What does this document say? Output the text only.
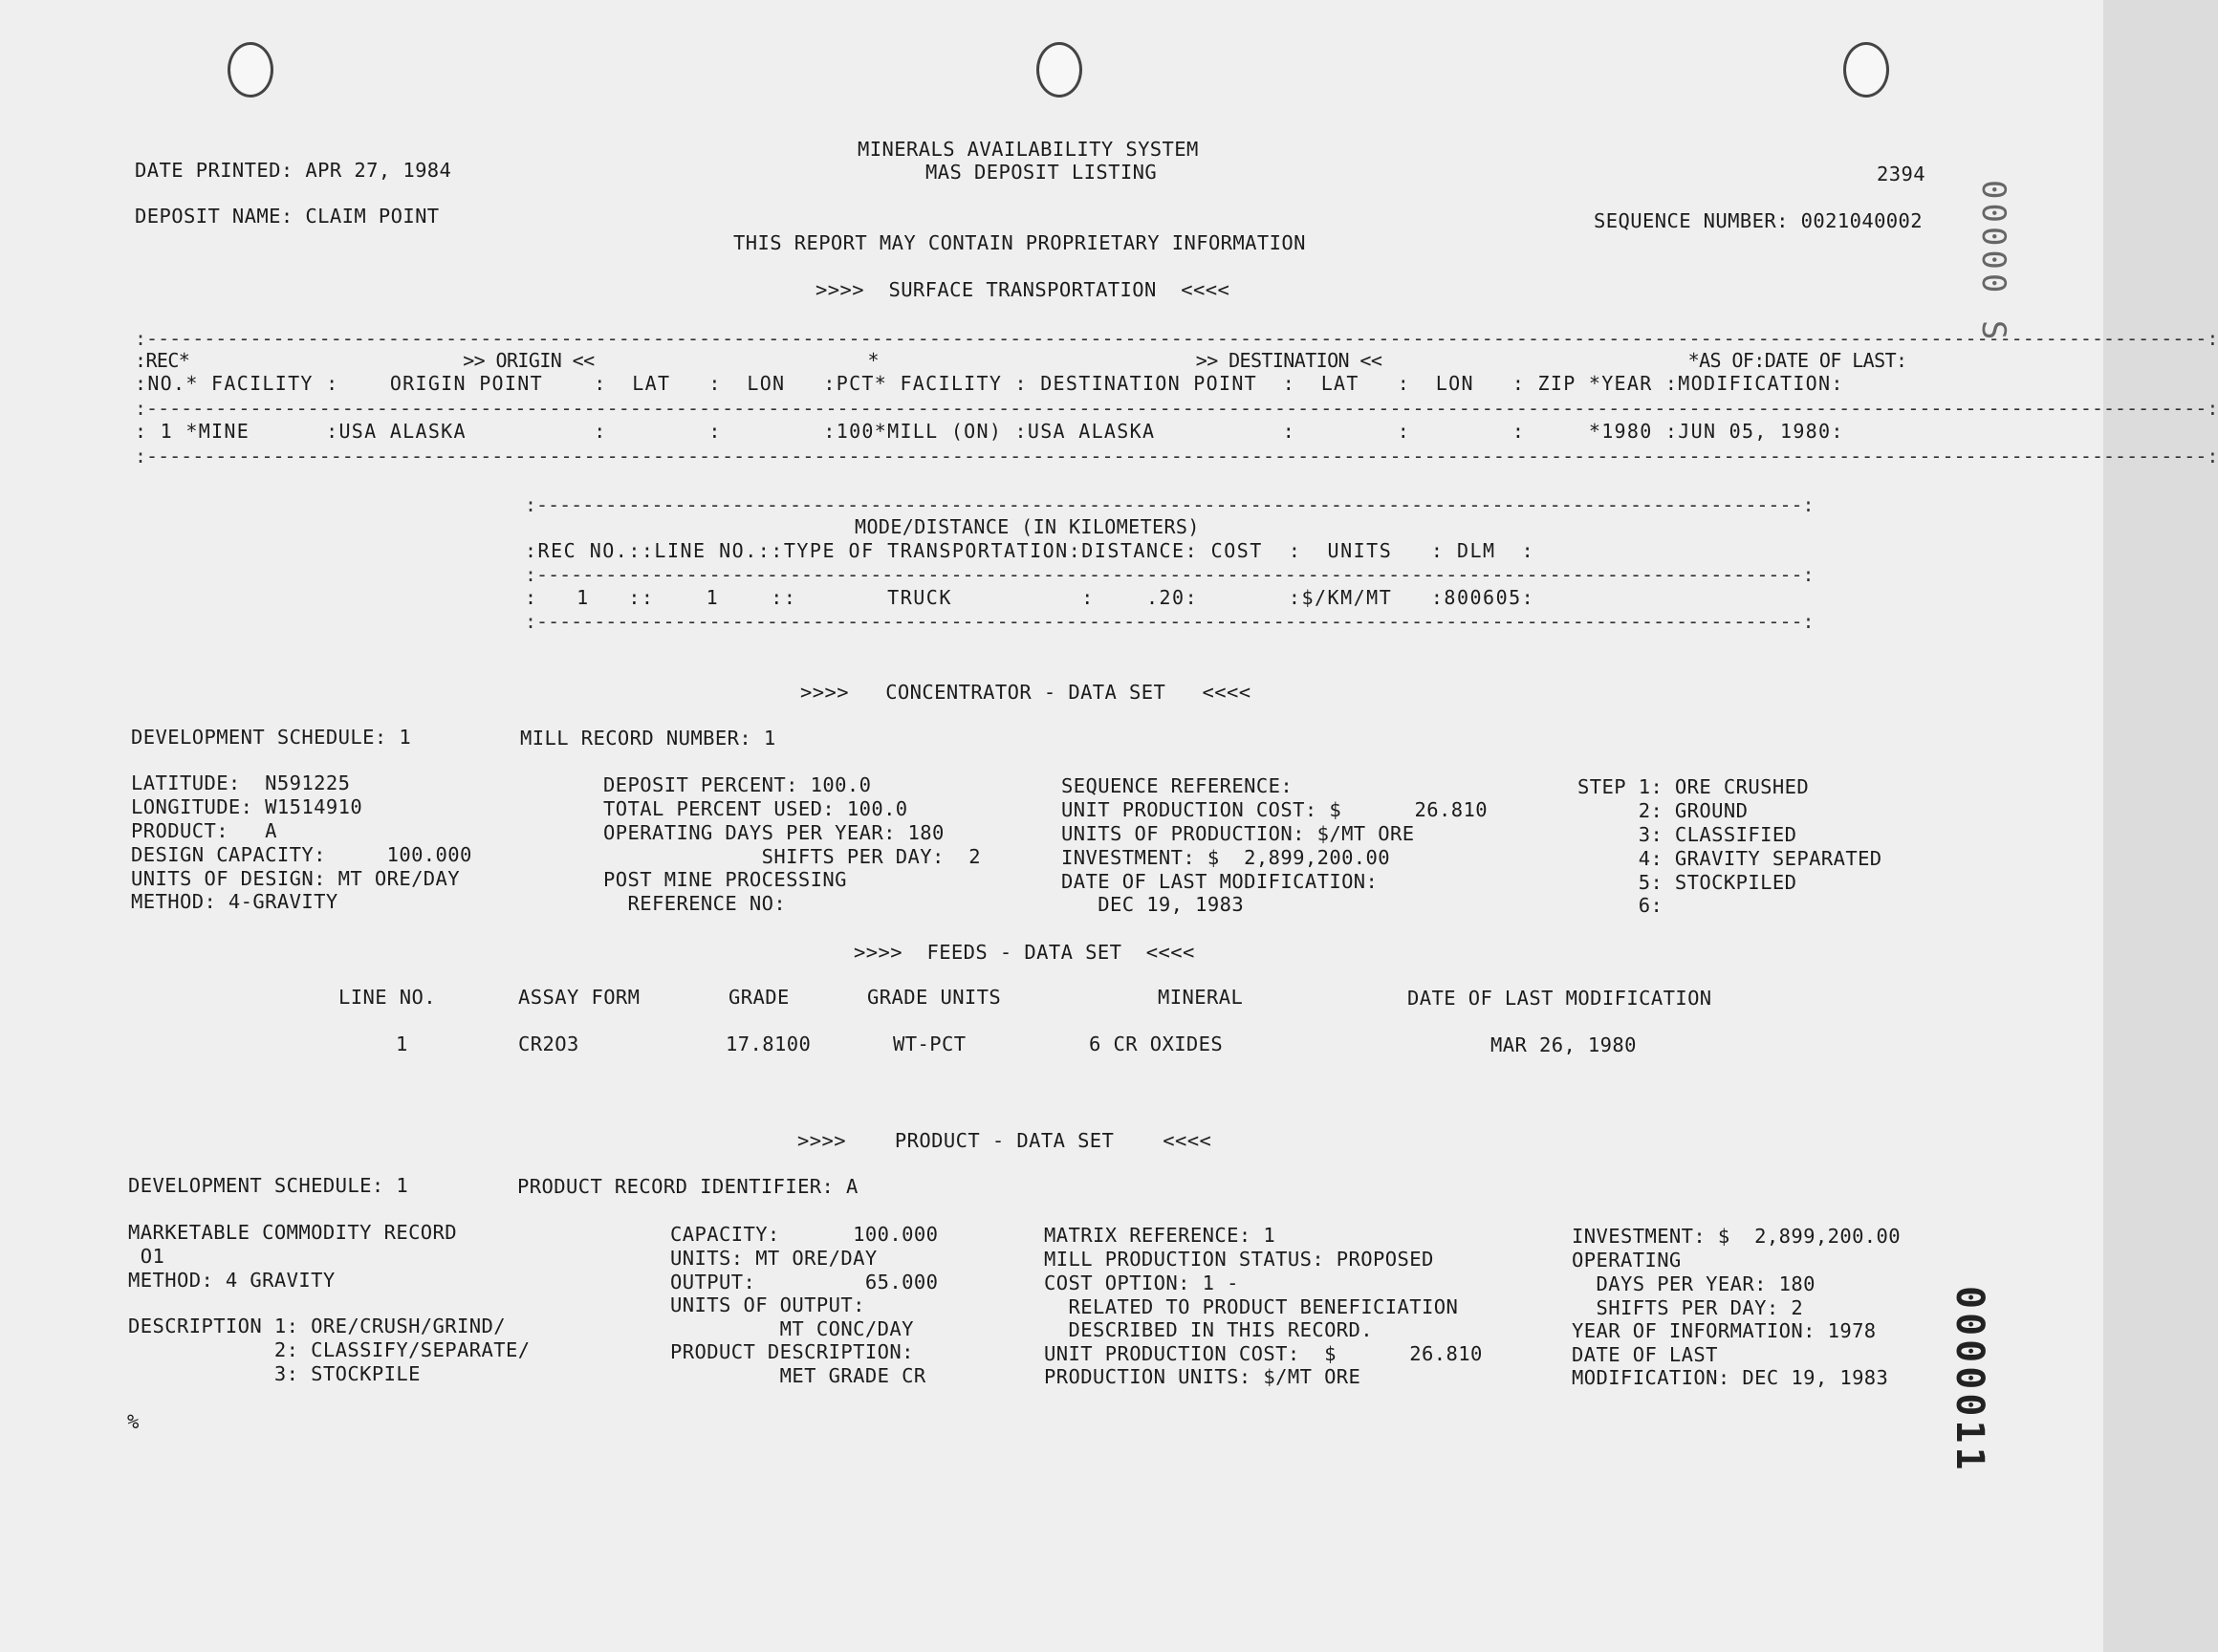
MINERALS AVAILABILITY SYSTEM
MAS DEPOSIT LISTING
DATE PRINTED: APR 27, 1984	2394
DEPOSIT NAME: CLAIM POINT	SEQUENCE NUMBER: 0021040002
THIS REPORT MAY CONTAIN PROPRIETARY INFORMATION
>>>>  SURFACE TRANSPORTATION  <<<<
:-----------------------------------------------------------------------------------------------------------------------------------------------------------------------------------:
:REC*                         >> ORIGIN <<                         *                             >> DESTINATION <<                            *AS OF:DATE OF LAST:
:NO.* FACILITY :    ORIGIN POINT    :  LAT   :  LON   :PCT* FACILITY : DESTINATION POINT  :  LAT   :  LON   : ZIP *YEAR :MODIFICATION:
:-----------------------------------------------------------------------------------------------------------------------------------------------------------------------------------:
: 1 *MINE      :USA ALASKA          :        :        :100*MILL (ON) :USA ALASKA          :        :        :     *1980 :JUN 05, 1980:
:-----------------------------------------------------------------------------------------------------------------------------------------------------------------------------------:
:--------------------------------------------------------------------------------------------------------------:
MODE/DISTANCE (IN KILOMETERS)
:REC NO.::LINE NO.::TYPE OF TRANSPORTATION:DISTANCE: COST  :  UNITS   : DLM  :
:--------------------------------------------------------------------------------------------------------------:
:   1   ::    1    ::       TRUCK          :    .20:       :$/KM/MT   :800605:
:--------------------------------------------------------------------------------------------------------------:
>>>>   CONCENTRATOR - DATA SET   <<<<
DEVELOPMENT SCHEDULE: 1	MILL RECORD NUMBER: 1
LATITUDE:  N591225
LONGITUDE: W1514910
PRODUCT:   A
DESIGN CAPACITY:     100.000
UNITS OF DESIGN: MT ORE/DAY
METHOD: 4-GRAVITY
DEPOSIT PERCENT: 100.0
TOTAL PERCENT USED: 100.0
OPERATING DAYS PER YEAR: 180
SHIFTS PER DAY:  2
POST MINE PROCESSING
REFERENCE NO:
SEQUENCE REFERENCE:
UNIT PRODUCTION COST: $      26.810
UNITS OF PRODUCTION: $/MT ORE
INVESTMENT: $  2,899,200.00
DATE OF LAST MODIFICATION:
DEC 19, 1983
STEP 1: ORE CRUSHED
2: GROUND
3: CLASSIFIED
4: GRAVITY SEPARATED
5: STOCKPILED
6:
>>>>  FEEDS - DATA SET  <<<<
LINE NO.	ASSAY FORM	GRADE	GRADE UNITS	MINERAL	DATE OF LAST MODIFICATION
1	CR2O3	17.8100	WT-PCT	6 CR OXIDES	MAR 26, 1980
>>>>    PRODUCT - DATA SET    <<<<
DEVELOPMENT SCHEDULE: 1	PRODUCT RECORD IDENTIFIER: A
MARKETABLE COMMODITY RECORD
O1
METHOD: 4 GRAVITY
DESCRIPTION 1: ORE/CRUSH/GRIND/
2: CLASSIFY/SEPARATE/
3: STOCKPILE
CAPACITY:      100.000
UNITS: MT ORE/DAY
OUTPUT:         65.000
UNITS OF OUTPUT:
MT CONC/DAY
PRODUCT DESCRIPTION:
MET GRADE CR
MATRIX REFERENCE: 1
MILL PRODUCTION STATUS: PROPOSED
COST OPTION: 1 -
RELATED TO PRODUCT BENEFICIATION
DESCRIBED IN THIS RECORD.
UNIT PRODUCTION COST:  $      26.810
PRODUCTION UNITS: $/MT ORE
INVESTMENT: $  2,899,200.00
OPERATING
DAYS PER YEAR: 180
SHIFTS PER DAY: 2
YEAR OF INFORMATION: 1978
DATE OF LAST
MODIFICATION: DEC 19, 1983
%
00000 S
0000011
